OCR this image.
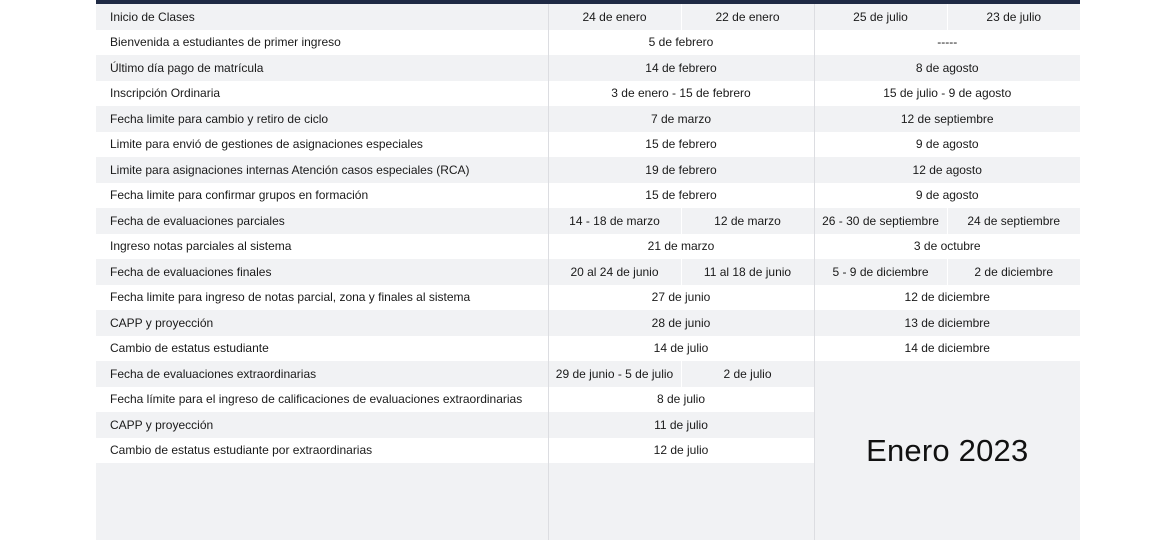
Inicio de Clases	24 de enero	22 de enero	25 de julio	23 de julio
Bienvenida a estudiantes de primer ingreso	5 de febrero		-----	
Último día pago de matrícula	14 de febrero		8 de agosto	
Inscripción Ordinaria	3 de enero - 15 de febrero		15 de julio - 9 de agosto	
Fecha limite para cambio y retiro de ciclo	7 de marzo		12 de septiembre	
Limite para envió de gestiones de asignaciones especiales	15 de febrero		9 de agosto	
Limite para asignaciones internas Atención casos especiales (RCA)	19 de febrero		12 de agosto	
Fecha limite para confirmar grupos en formación	15 de febrero		9 de agosto	
Fecha de evaluaciones parciales	14 - 18 de marzo	12 de marzo	26 - 30 de septiembre	24 de septiembre
Ingreso notas parciales al sistema	21 de marzo		3 de octubre	
Fecha de evaluaciones finales	20 al 24 de junio	11 al 18 de junio	5 - 9 de diciembre	2 de diciembre
Fecha limite para ingreso de notas parcial, zona y finales al sistema	27 de junio		12 de diciembre	
CAPP y proyección	28 de junio		13 de diciembre	
Cambio de estatus estudiante	14 de julio		14 de diciembre	
Fecha de evaluaciones extraordinarias	29 de junio - 5 de julio	2 de julio	Enero 2023	
Fecha límite para el ingreso de calificaciones de evaluaciones extraordinarias	8 de julio			
CAPP y proyección	11 de julio			
Cambio de estatus estudiante por extraordinarias	12 de julio			
